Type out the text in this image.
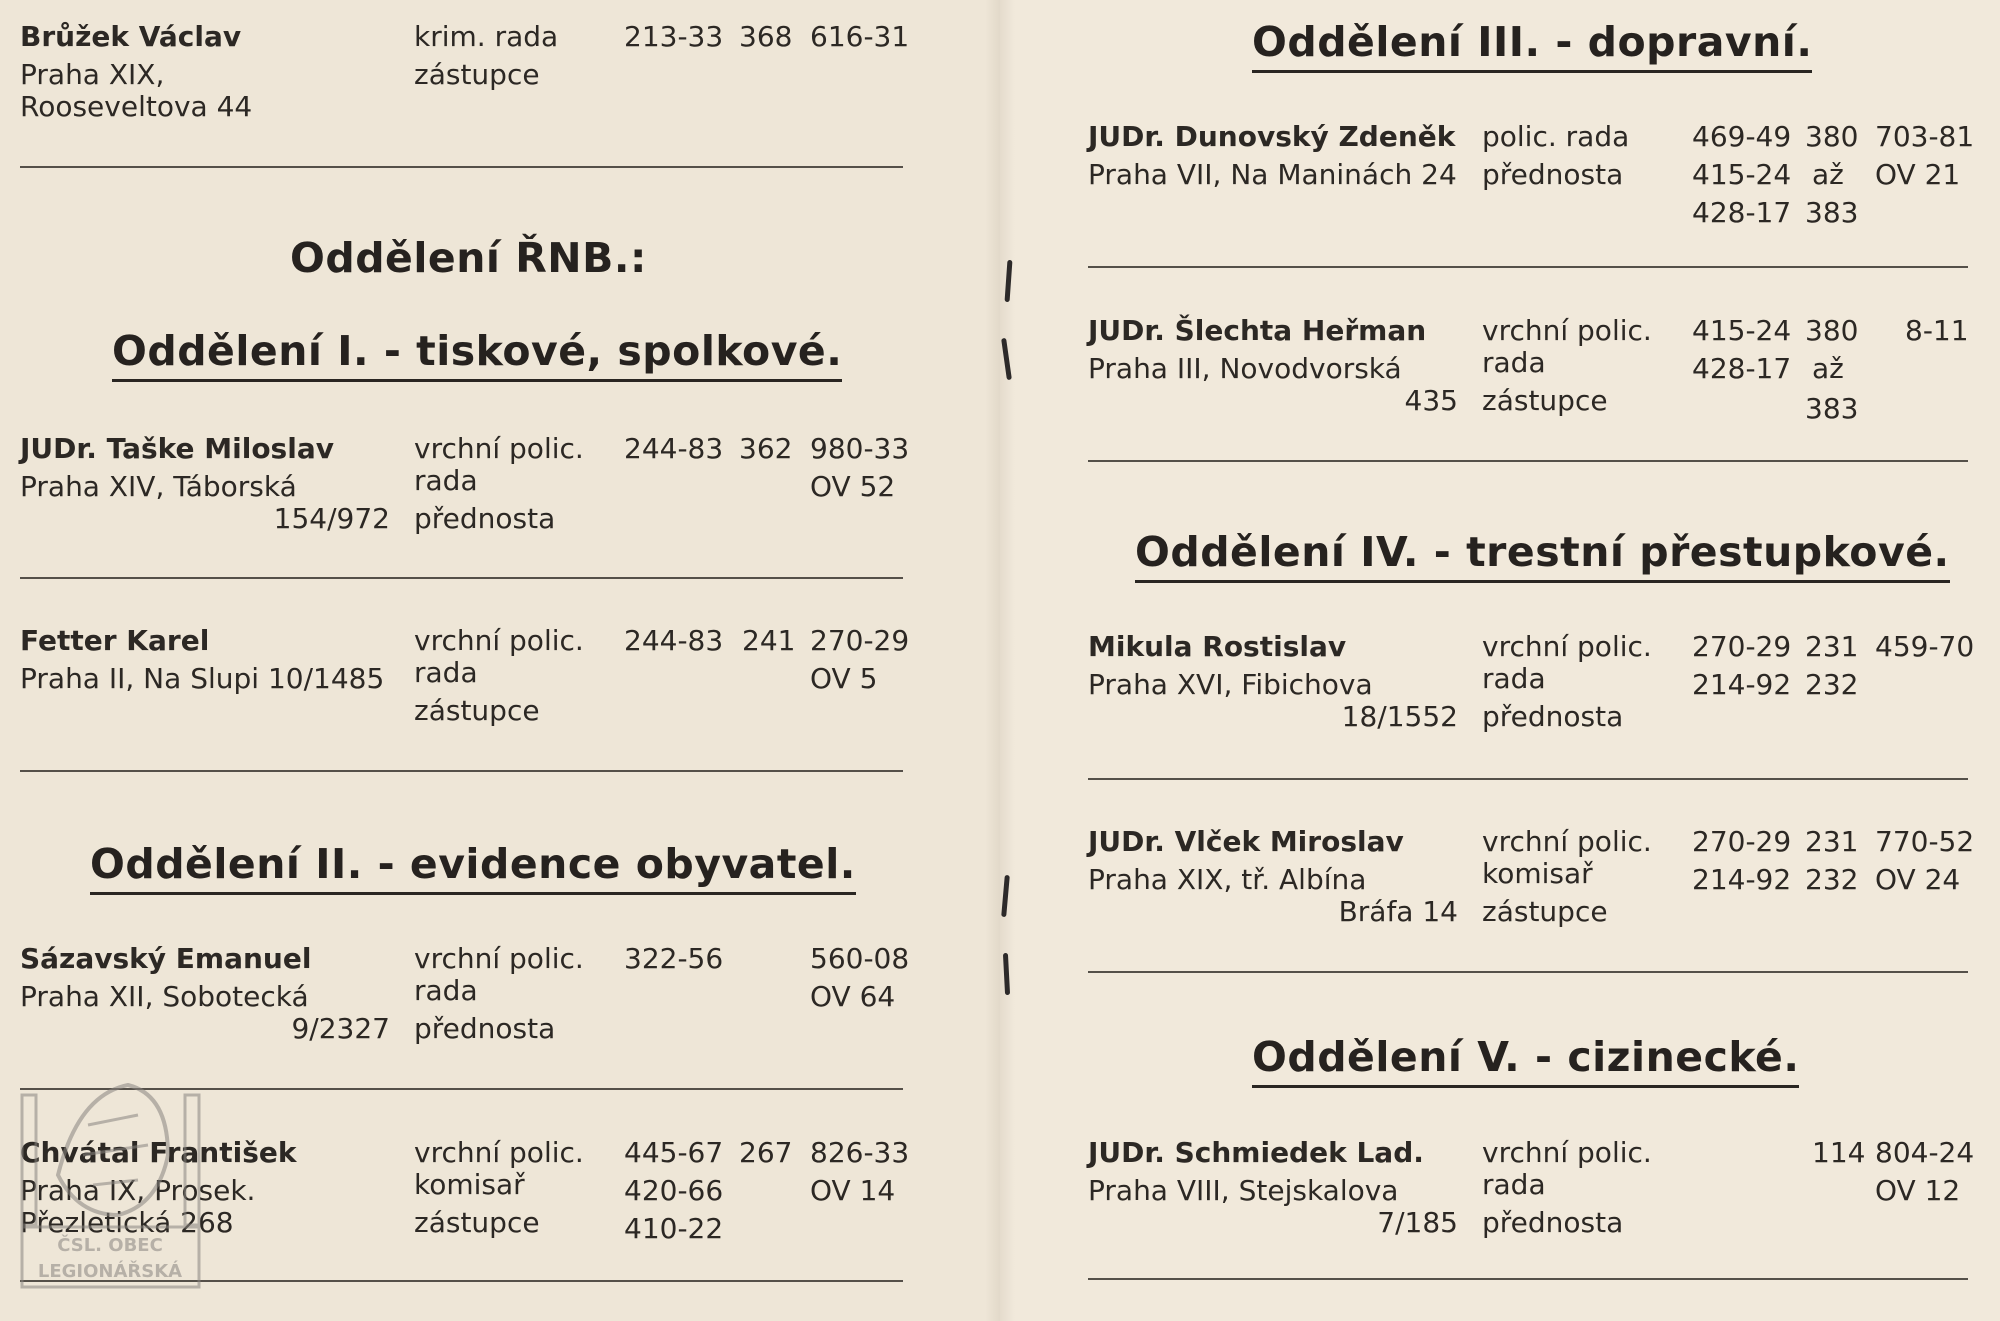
Brůžek Václav
Praha XIX,
Rooseveltova 44
krim. rada
zástupce
213-33 368 616-31
Oddělení ŘNB.:
Oddělení I. - tiskové, spolkové.
JUDr. Taške Miloslav
Praha XIV, Táborská
154/972
vrchní polic.
rada
přednosta
244-83 362 980-33
OV 52
Fetter Karel
Praha II, Na Slupi 10/1485
vrchní polic.
rada
zástupce
244-83 241 270-29
OV 5
Oddělení II. - evidence obyvatel.
Sázavský Emanuel
Praha XII, Sobotecká
9/2327
vrchní polic.
rada
přednosta
322-56	560-08
OV 64
Chvátal František
Praha IX, Prosek.
Přezletická 268
vrchní polic.
komisař
zástupce
445-67
420-66
410-22
267 826-33
OV 14
ČSL. OBEC
LEGIONÁŘSKÁ
Oddělení III. - dopravní.
JUDr. Dunovský Zdeněk
Praha VII, Na Maninách 24
polic. rada
přednosta
469-49
415-24
428-17
380
až
383
703-81
OV 21
JUDr. Šlechta Heřman
Praha III, Novodvorská
435
vrchní polic.
rada
zástupce
415-24
428-17
380
až
383
8-11
Oddělení IV. - trestní přestupkové.
Mikula Rostislav
Praha XVI, Fibichova
18/1552
vrchní polic.
rada
přednosta
270-29
214-92
231
232
459-70
JUDr. Vlček Miroslav
Praha XIX, tř. Albína
Bráfa 14
vrchní polic.
komisař
zástupce
270-29
214-92
231
232
770-52
OV 24
Oddělení V. - cizinecké.
JUDr. Schmiedek Lad.
Praha VIII, Stejskalova
7/185
vrchní polic.
rada
přednosta
114 804-24
OV 12
